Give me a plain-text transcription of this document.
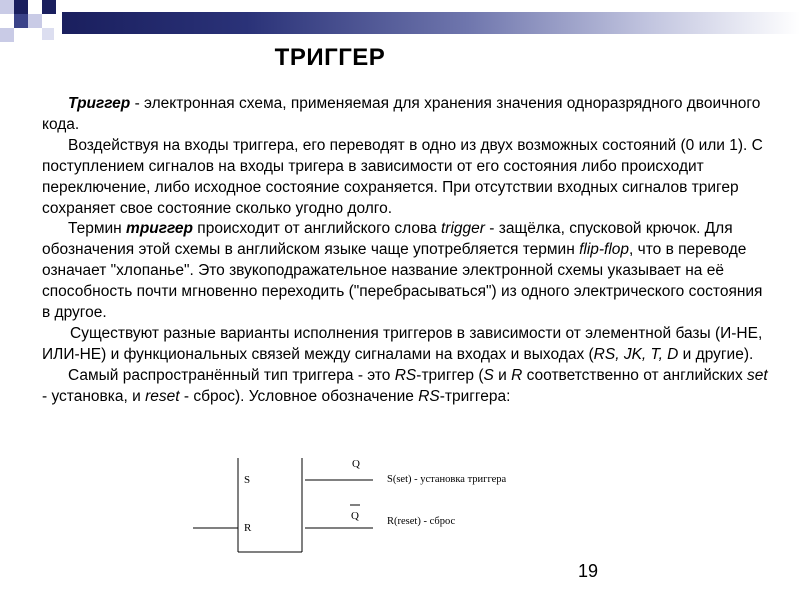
ТРИГГЕР

Триггер - электронная схема, применяемая для хранения значения одноразрядного двоичного кода.

Воздействуя на входы триггера, его переводят в одно из двух возможных состояний (0 или 1). С поступлением сигналов на входы тригера в зависимости от его состояния либо происходит переключение, либо исходное состояние сохраняется. При отсутствии входных сигналов тригер сохраняет свое состояние сколько угодно долго.

Термин триггер происходит от английского слова trigger - защёлка, спусковой крючок. Для обозначения этой схемы в английском языке чаще употребляется термин flip-flop, что в переводе означает "хлопанье". Это звукоподражательное название электронной схемы указывает на её способность почти мгновенно переходить ("перебрасываться") из одного электрического состояния в другое.

Существуют разные варианты исполнения триггеров в зависимости от элементной базы (И-НЕ, ИЛИ-НЕ) и функциональных связей между сигналами на входах и выходах (RS, JK, T, D и другие).

Самый распространённый тип триггера - это RS-триггер (S и R соответственно от английских set - установка, и reset - сброс). Условное обозначение RS-триггера:

S
R
Q
Q
S(set) - установка триггера
R(reset) - сброс
19
